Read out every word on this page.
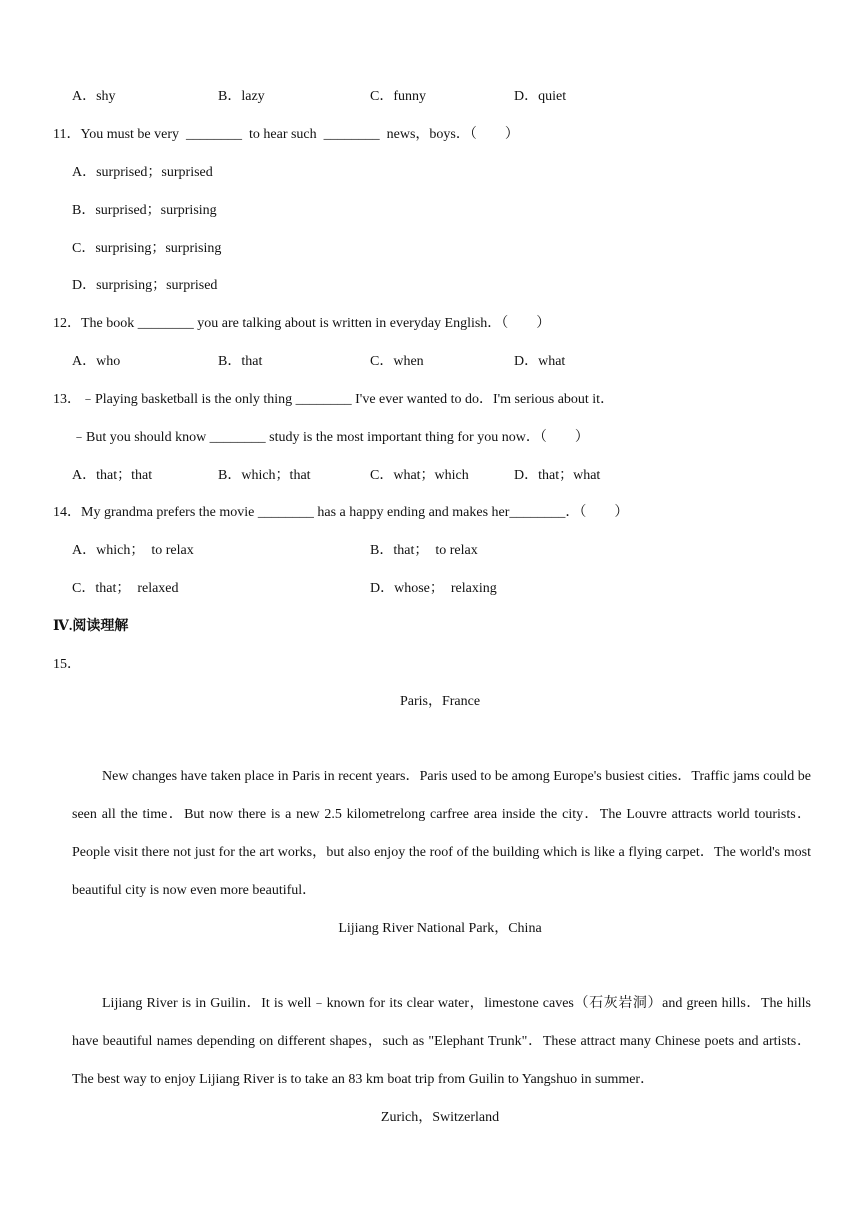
A．shy	B．lazy	C．funny	D．quiet
11．You must be very  ________  to hear such  ________  news，boys．（　　）
A．surprised；surprised
B．surprised；surprising
C．surprising；surprising
D．surprising；surprised
12．The book ________ you are talking about is written in everyday English．（　　）
A．who	B．that	C．when	D．what
13．﹣Playing basketball is the only thing ________ I've ever wanted to do．I'm serious about it．
﹣But you should know ________ study is the most important thing for you now．（　　）
A．that；that	B．which；that	C．what；which	D．that；what
14．My grandma prefers the movie ________ has a happy ending and makes her________．（　　）
A．which；  to relax	B．that；  to relax
C．that；  relaxed	D．whose；  relaxing
Ⅳ.阅读理解
15．
Paris，France
New changes have taken place in Paris in recent years．Paris used to be among Europe's busiest cities．Traffic jams could be seen all the time．But now there is a new 2.5 kilometrelong carfree area inside the city．The Louvre attracts world tourists．People visit there not just for the art works，but also enjoy the roof of the building which is like a flying carpet．The world's most beautiful city is now even more beautiful．
Lijiang River National Park，China
Lijiang River is in Guilin．It is well﹣known for its clear water，limestone caves（石灰岩洞）and green hills．The hills have beautiful names depending on different shapes，such as "Elephant Trunk"．These attract many Chinese poets and artists．The best way to enjoy Lijiang River is to take an 83 km boat trip from Guilin to Yangshuo in summer．
Zurich，Switzerland
